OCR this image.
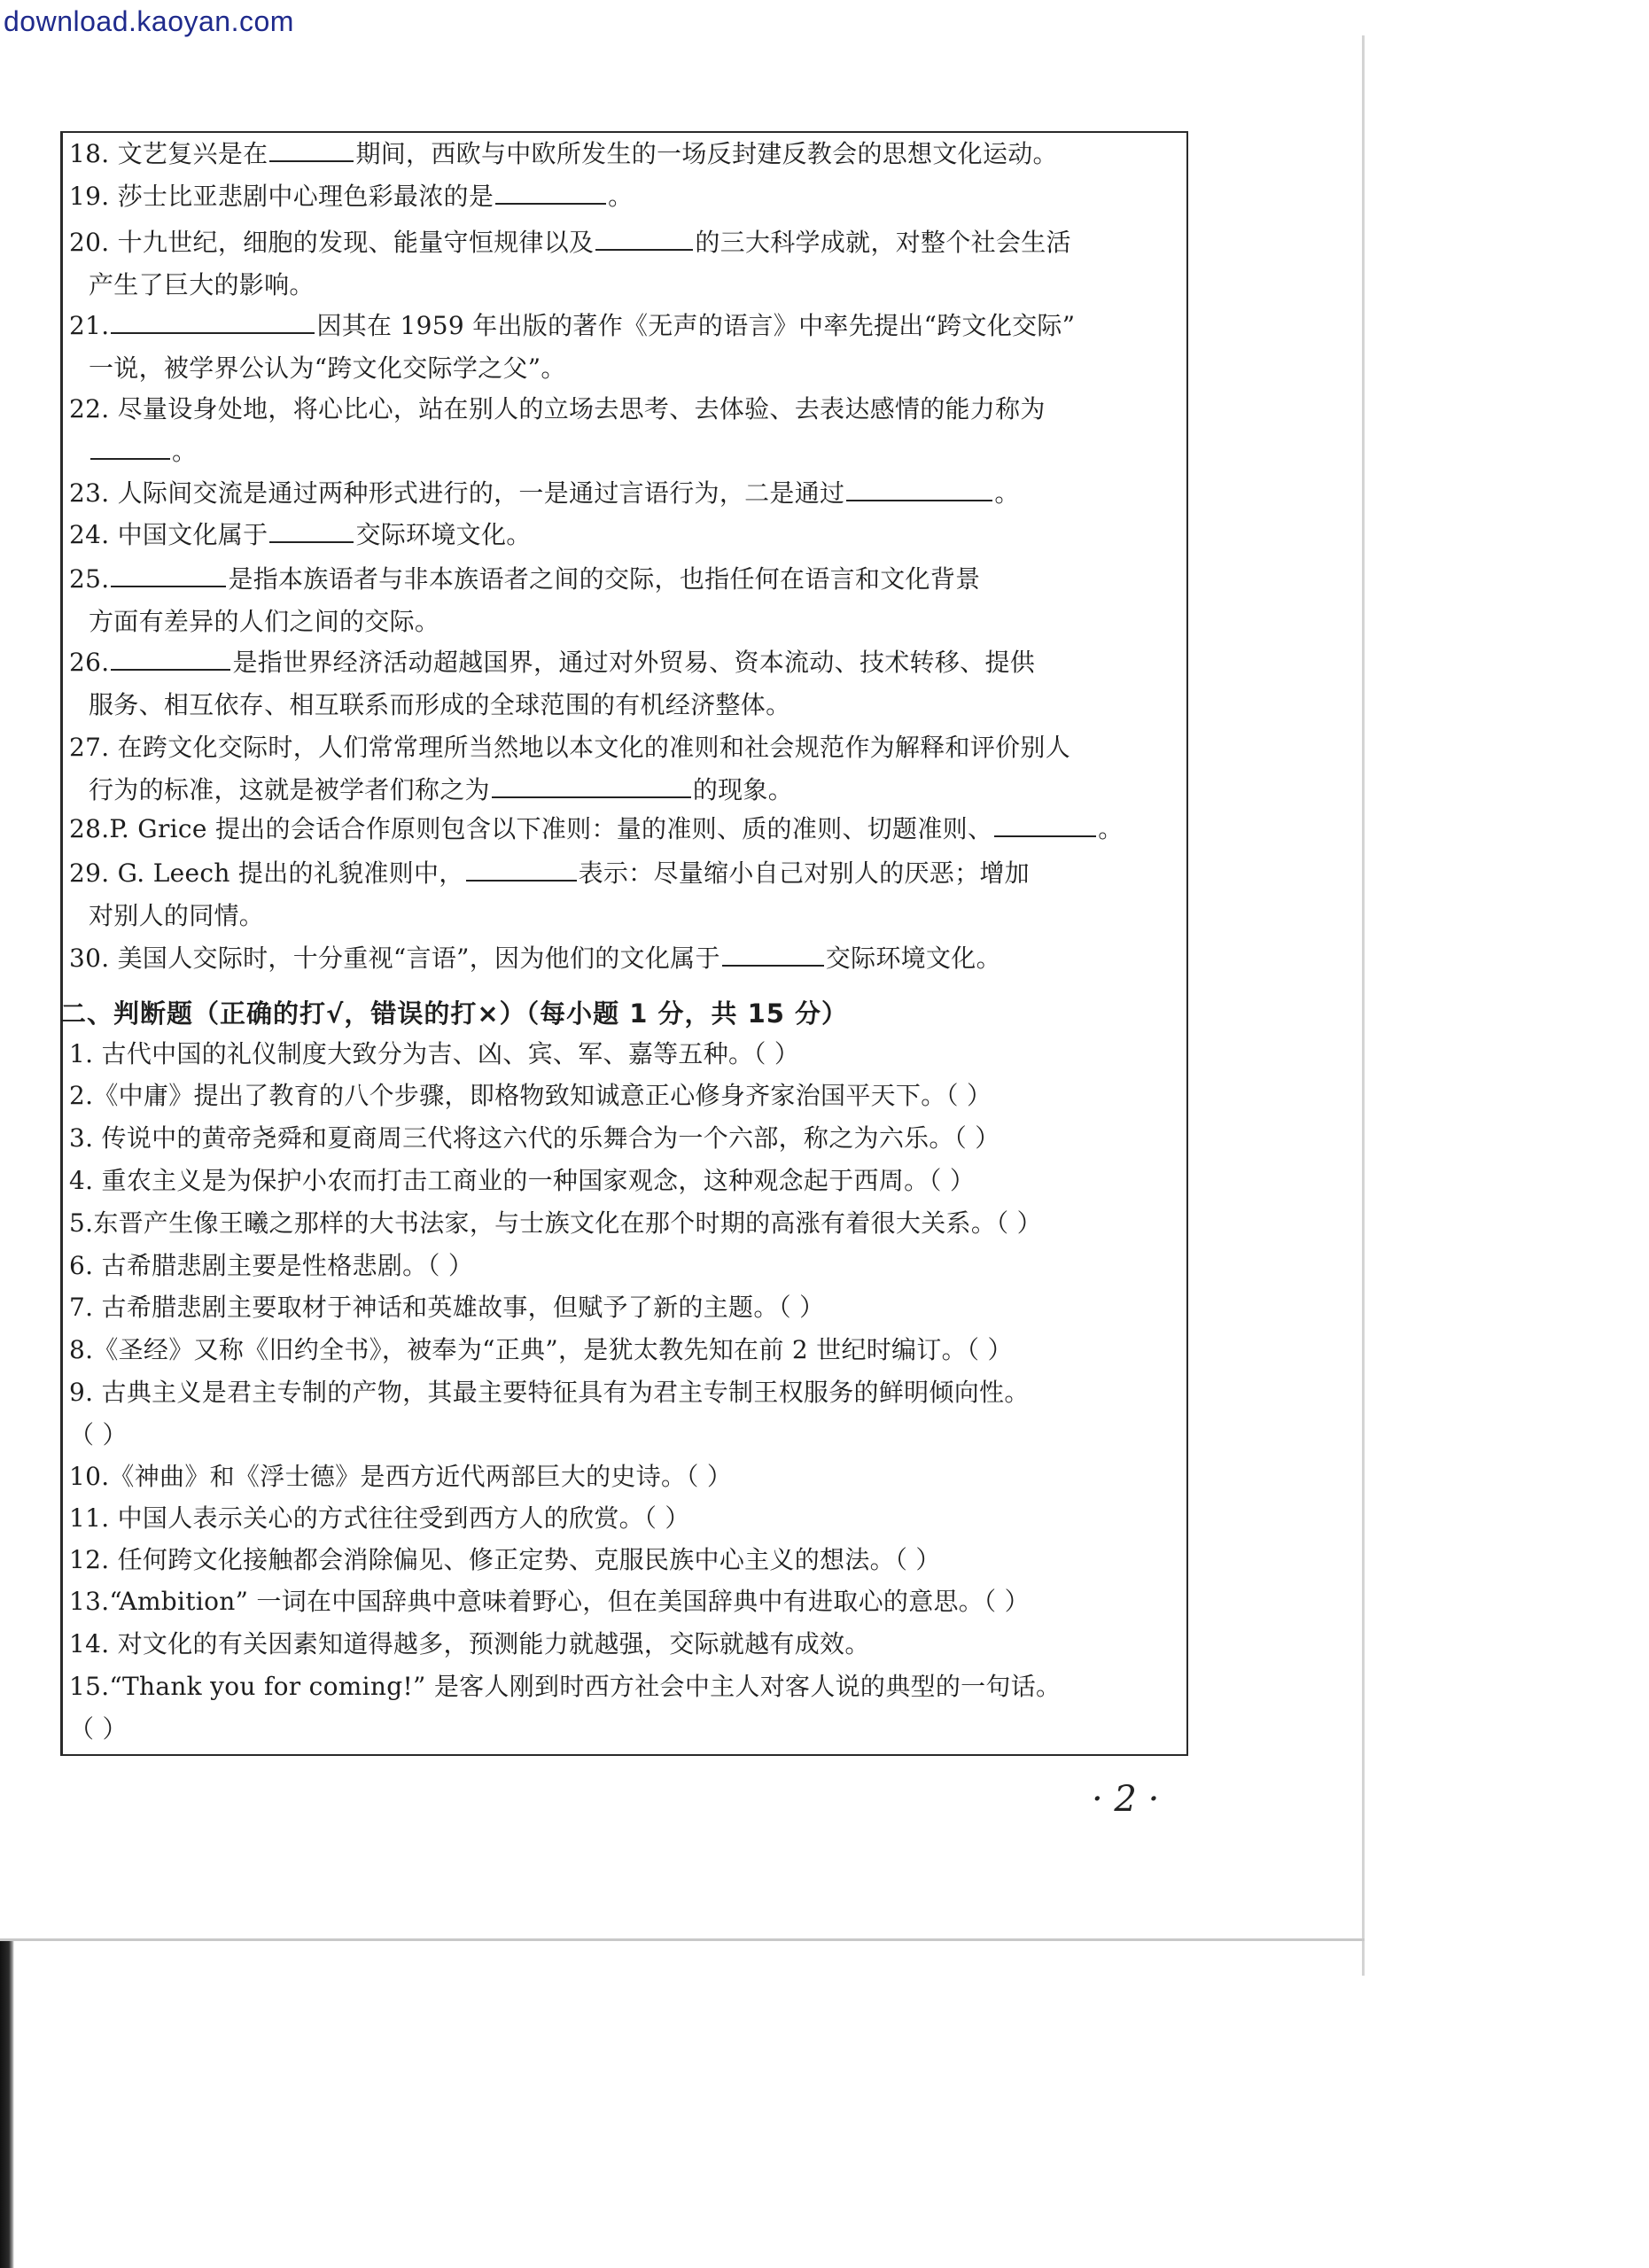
download.kaoyan.com
18. 文艺复兴是在	期间，西欧与中欧所发生的一场反封建反教会的思想文化运动。
19. 莎士比亚悲剧中心理色彩最浓的是	。
20. 十九世纪，细胞的发现、能量守恒规律以及	的三大科学成就，对整个社会生活
产生了巨大的影响。
21.	因其在 1959 年出版的著作《无声的语言》中率先提出“跨文化交际”
一说，被学界公认为“跨文化交际学之父”。
22. 尽量设身处地，将心比心，站在别人的立场去思考、去体验、去表达感情的能力称为
。
23. 人际间交流是通过两种形式进行的，一是通过言语行为，二是通过	。
24. 中国文化属于	交际环境文化。
25.	是指本族语者与非本族语者之间的交际，也指任何在语言和文化背景
方面有差异的人们之间的交际。
26.	是指世界经济活动超越国界，通过对外贸易、资本流动、技术转移、提供
服务、相互依存、相互联系而形成的全球范围的有机经济整体。
27. 在跨文化交际时，人们常常理所当然地以本文化的准则和社会规范作为解释和评价别人
行为的标准，这就是被学者们称之为	的现象。
28.P. Grice 提出的会话合作原则包含以下准则：量的准则、质的准则、切题准则、	。
29. G. Leech 提出的礼貌准则中，	表示：尽量缩小自己对别人的厌恶；增加
对别人的同情。
30. 美国人交际时，十分重视“言语”，因为他们的文化属于	交际环境文化。
二、判断题（正确的打√，错误的打×）（每小题 1 分，共 15 分）
1. 古代中国的礼仪制度大致分为吉、凶、宾、军、嘉等五种。（ ）
2.《中庸》提出了教育的八个步骤，即格物致知诚意正心修身齐家治国平天下。（ ）
3. 传说中的黄帝尧舜和夏商周三代将这六代的乐舞合为一个六部，称之为六乐。（ ）
4. 重农主义是为保护小农而打击工商业的一种国家观念，这种观念起于西周。（ ）
5.东晋产生像王曦之那样的大书法家，与士族文化在那个时期的高涨有着很大关系。（ ）
6. 古希腊悲剧主要是性格悲剧。（ ）
7. 古希腊悲剧主要取材于神话和英雄故事，但赋予了新的主题。（ ）
8.《圣经》又称《旧约全书》，被奉为“正典”，是犹太教先知在前 2 世纪时编订。（ ）
9. 古典主义是君主专制的产物，其最主要特征具有为君主专制王权服务的鲜明倾向性。
（ ）
10.《神曲》和《浮士德》是西方近代两部巨大的史诗。（ ）
11. 中国人表示关心的方式往往受到西方人的欣赏。（ ）
12. 任何跨文化接触都会消除偏见、修正定势、克服民族中心主义的想法。（ ）
13.“Ambition” 一词在中国辞典中意味着野心，但在美国辞典中有进取心的意思。（ ）
14. 对文化的有关因素知道得越多，预测能力就越强，交际就越有成效。
15.“Thank you for coming!” 是客人刚到时西方社会中主人对客人说的典型的一句话。
（ ）
· 2 ·
